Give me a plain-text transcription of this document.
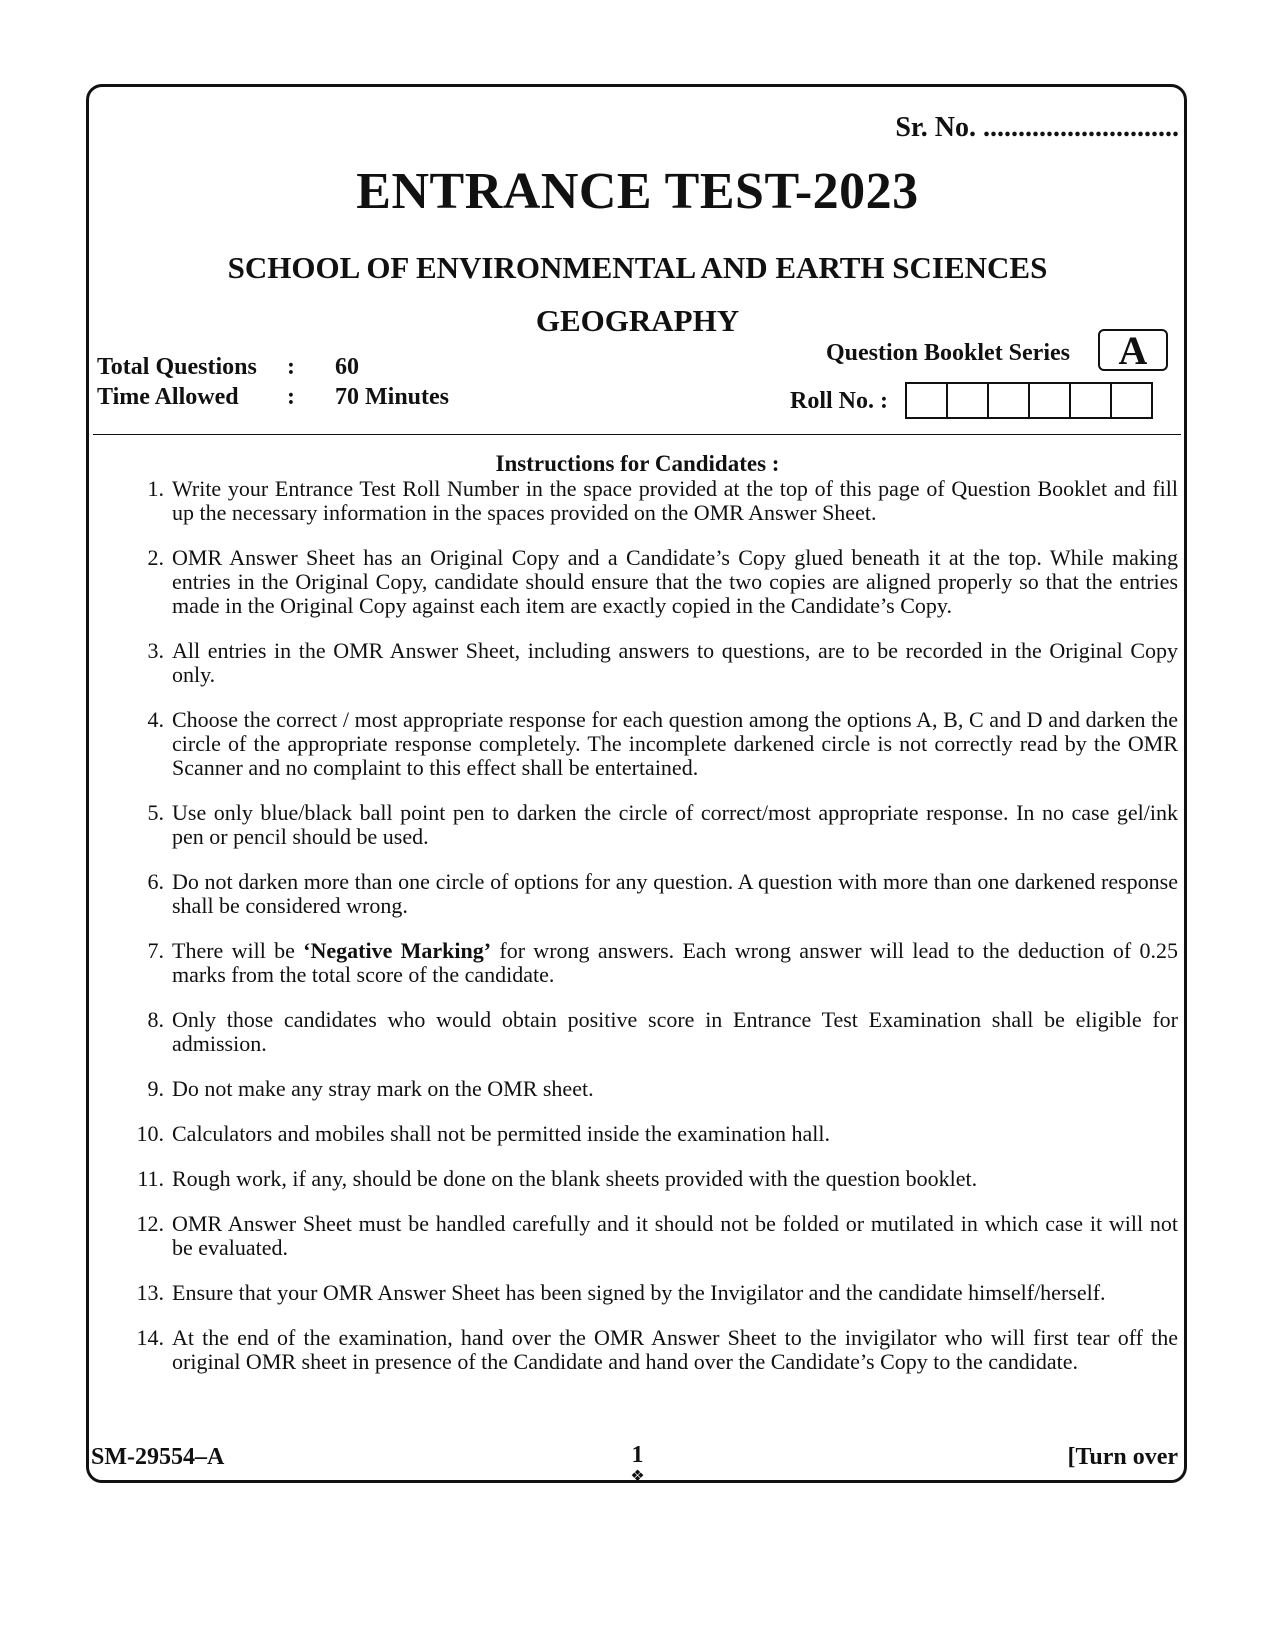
Sr. No. ............................
ENTRANCE TEST-2023
SCHOOL OF ENVIRONMENTAL AND EARTH SCIENCES
GEOGRAPHY
Question Booklet Series	A
Total Questions : 60
Time Allowed : 70 Minutes	Roll No. :
Instructions for Candidates :
1. Write your Entrance Test Roll Number in the space provided at the top of this page of Question Booklet and fill up the necessary information in the spaces provided on the OMR Answer Sheet.
2. OMR Answer Sheet has an Original Copy and a Candidate’s Copy glued beneath it at the top. While making entries in the Original Copy, candidate should ensure that the two copies are aligned properly so that the entries made in the Original Copy against each item are exactly copied in the Candidate’s Copy.
3. All entries in the OMR Answer Sheet, including answers to questions, are to be recorded in the Original Copy only.
4. Choose the correct / most appropriate response for each question among the options A, B, C and D and darken the circle of the appropriate response completely. The incomplete darkened circle is not correctly read by the OMR Scanner and no complaint to this effect shall be entertained.
5. Use only blue/black ball point pen to darken the circle of correct/most appropriate response. In no case gel/ink pen or pencil should be used.
6. Do not darken more than one circle of options for any question. A question with more than one darkened response shall be considered wrong.
7. There will be ‘Negative Marking’ for wrong answers. Each wrong answer will lead to the deduction of 0.25 marks from the total score of the candidate.
8. Only those candidates who would obtain positive score in Entrance Test Examination shall be eligible for admission.
9. Do not make any stray mark on the OMR sheet.
10. Calculators and mobiles shall not be permitted inside the examination hall.
11. Rough work, if any, should be done on the blank sheets provided with the question booklet.
12. OMR Answer Sheet must be handled carefully and it should not be folded or mutilated in which case it will not be evaluated.
13. Ensure that your OMR Answer Sheet has been signed by the Invigilator and the candidate himself/herself.
14. At the end of the examination, hand over the OMR Answer Sheet to the invigilator who will first tear off the original OMR sheet in presence of the Candidate and hand over the Candidate’s Copy to the candidate.
SM-29554–A	1
❖
[Turn over
